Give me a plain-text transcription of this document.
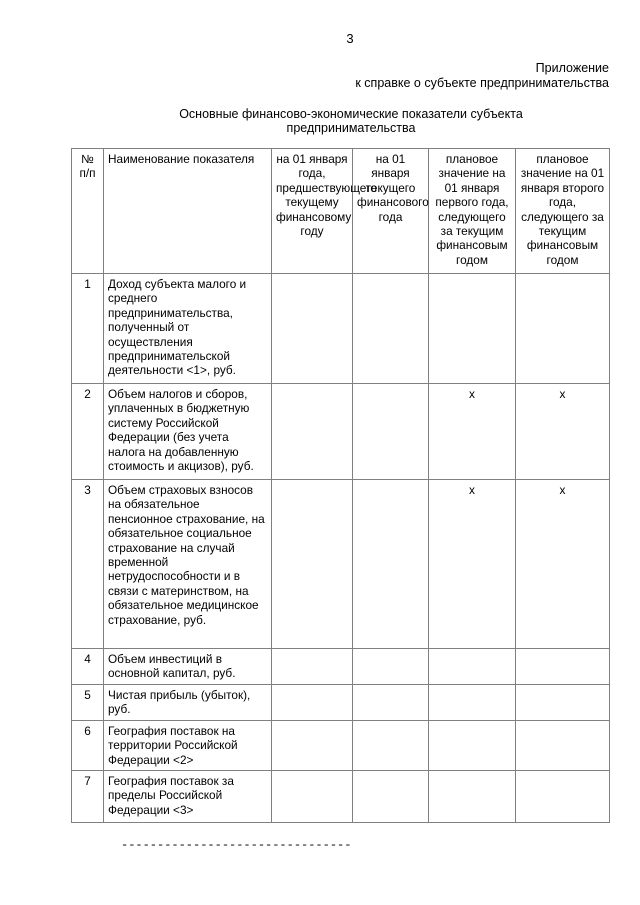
3
Приложение
к справке о субъекте предпринимательства
Основные финансово-экономические показатели субъекта предпринимательства
№ п/п	Наименование показателя	на 01 января года, предшествующего текущему финансовому году	на 01 января текущего финансового года	плановое значение на 01 января первого года, следующего за текущим финансовым годом	плановое значение на 01 января второго года, следующего за текущим финансовым годом
1	Доход субъекта малого и среднего предпринимательства, полученный от осуществления предпринимательской деятельности <1>, руб.				
2	Объем налогов и сборов, уплаченных в бюджетную систему Российской Федерации (без учета налога на добавленную стоимость и акцизов), руб.			x	x
3	Объем страховых взносов на обязательное пенсионное страхование, на обязательное социальное страхование на случай временной нетрудоспособности и в связи с материнством, на обязательное медицинское страхование, руб.			x	x
4	Объем инвестиций в основной капитал, руб.				
5	Чистая прибыль (убыток), руб.				
6	География поставок на территории Российской Федерации <2>				
7	География поставок за пределы Российской Федерации <3>				
--------------------------------
